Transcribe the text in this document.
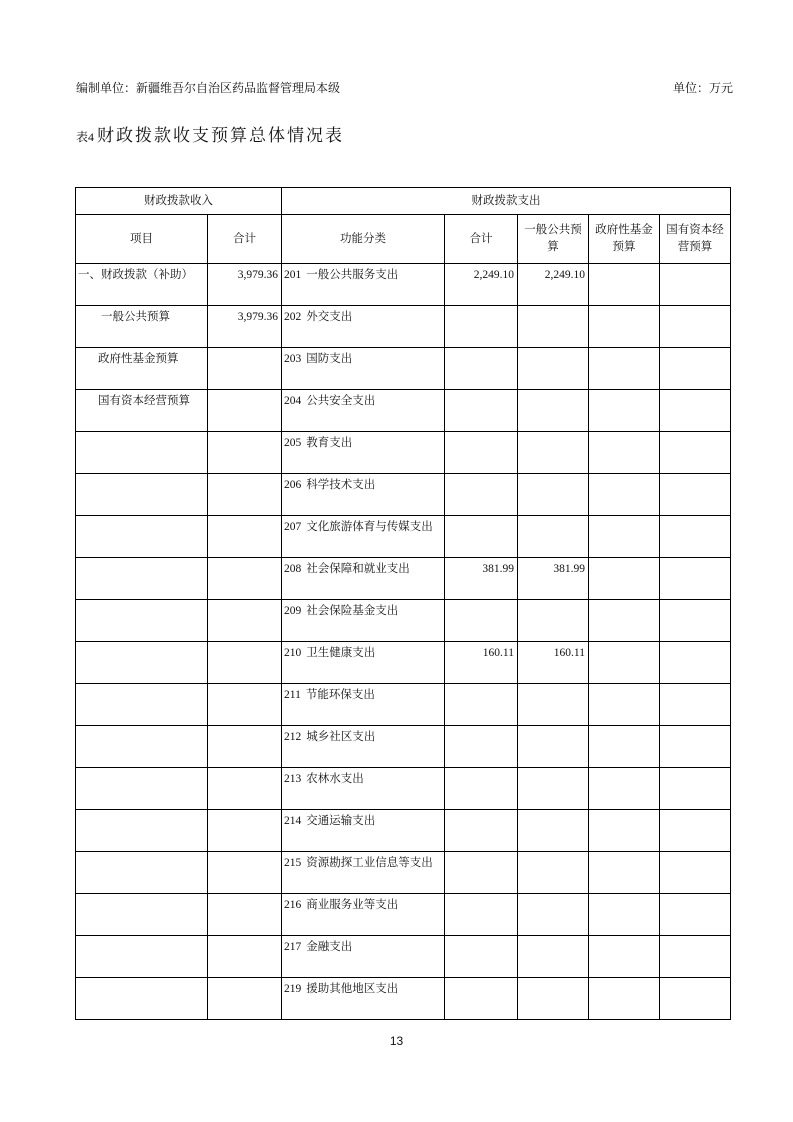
编制单位：新疆维吾尔自治区药品监督管理局本级	单位：万元
表4 财政拨款收支预算总体情况表
财政拨款收入		财政拨款支出				
项目	合计	功能分类	合计	一般公共预算	政府性基金预算	国有资本经营预算
一、财政拨款（补助）	3,979.36	201 一般公共服务支出	2,249.10	2,249.10		
一般公共预算	3,979.36	202 外交支出				
政府性基金预算		203 国防支出				
国有资本经营预算		204 公共安全支出				
		205 教育支出				
		206 科学技术支出				
		207 文化旅游体育与传媒支出				
		208 社会保障和就业支出	381.99	381.99		
		209 社会保险基金支出				
		210 卫生健康支出	160.11	160.11		
		211 节能环保支出				
		212 城乡社区支出				
		213 农林水支出				
		214 交通运输支出				
		215 资源勘探工业信息等支出				
		216 商业服务业等支出				
		217 金融支出				
		219 援助其他地区支出				
13
